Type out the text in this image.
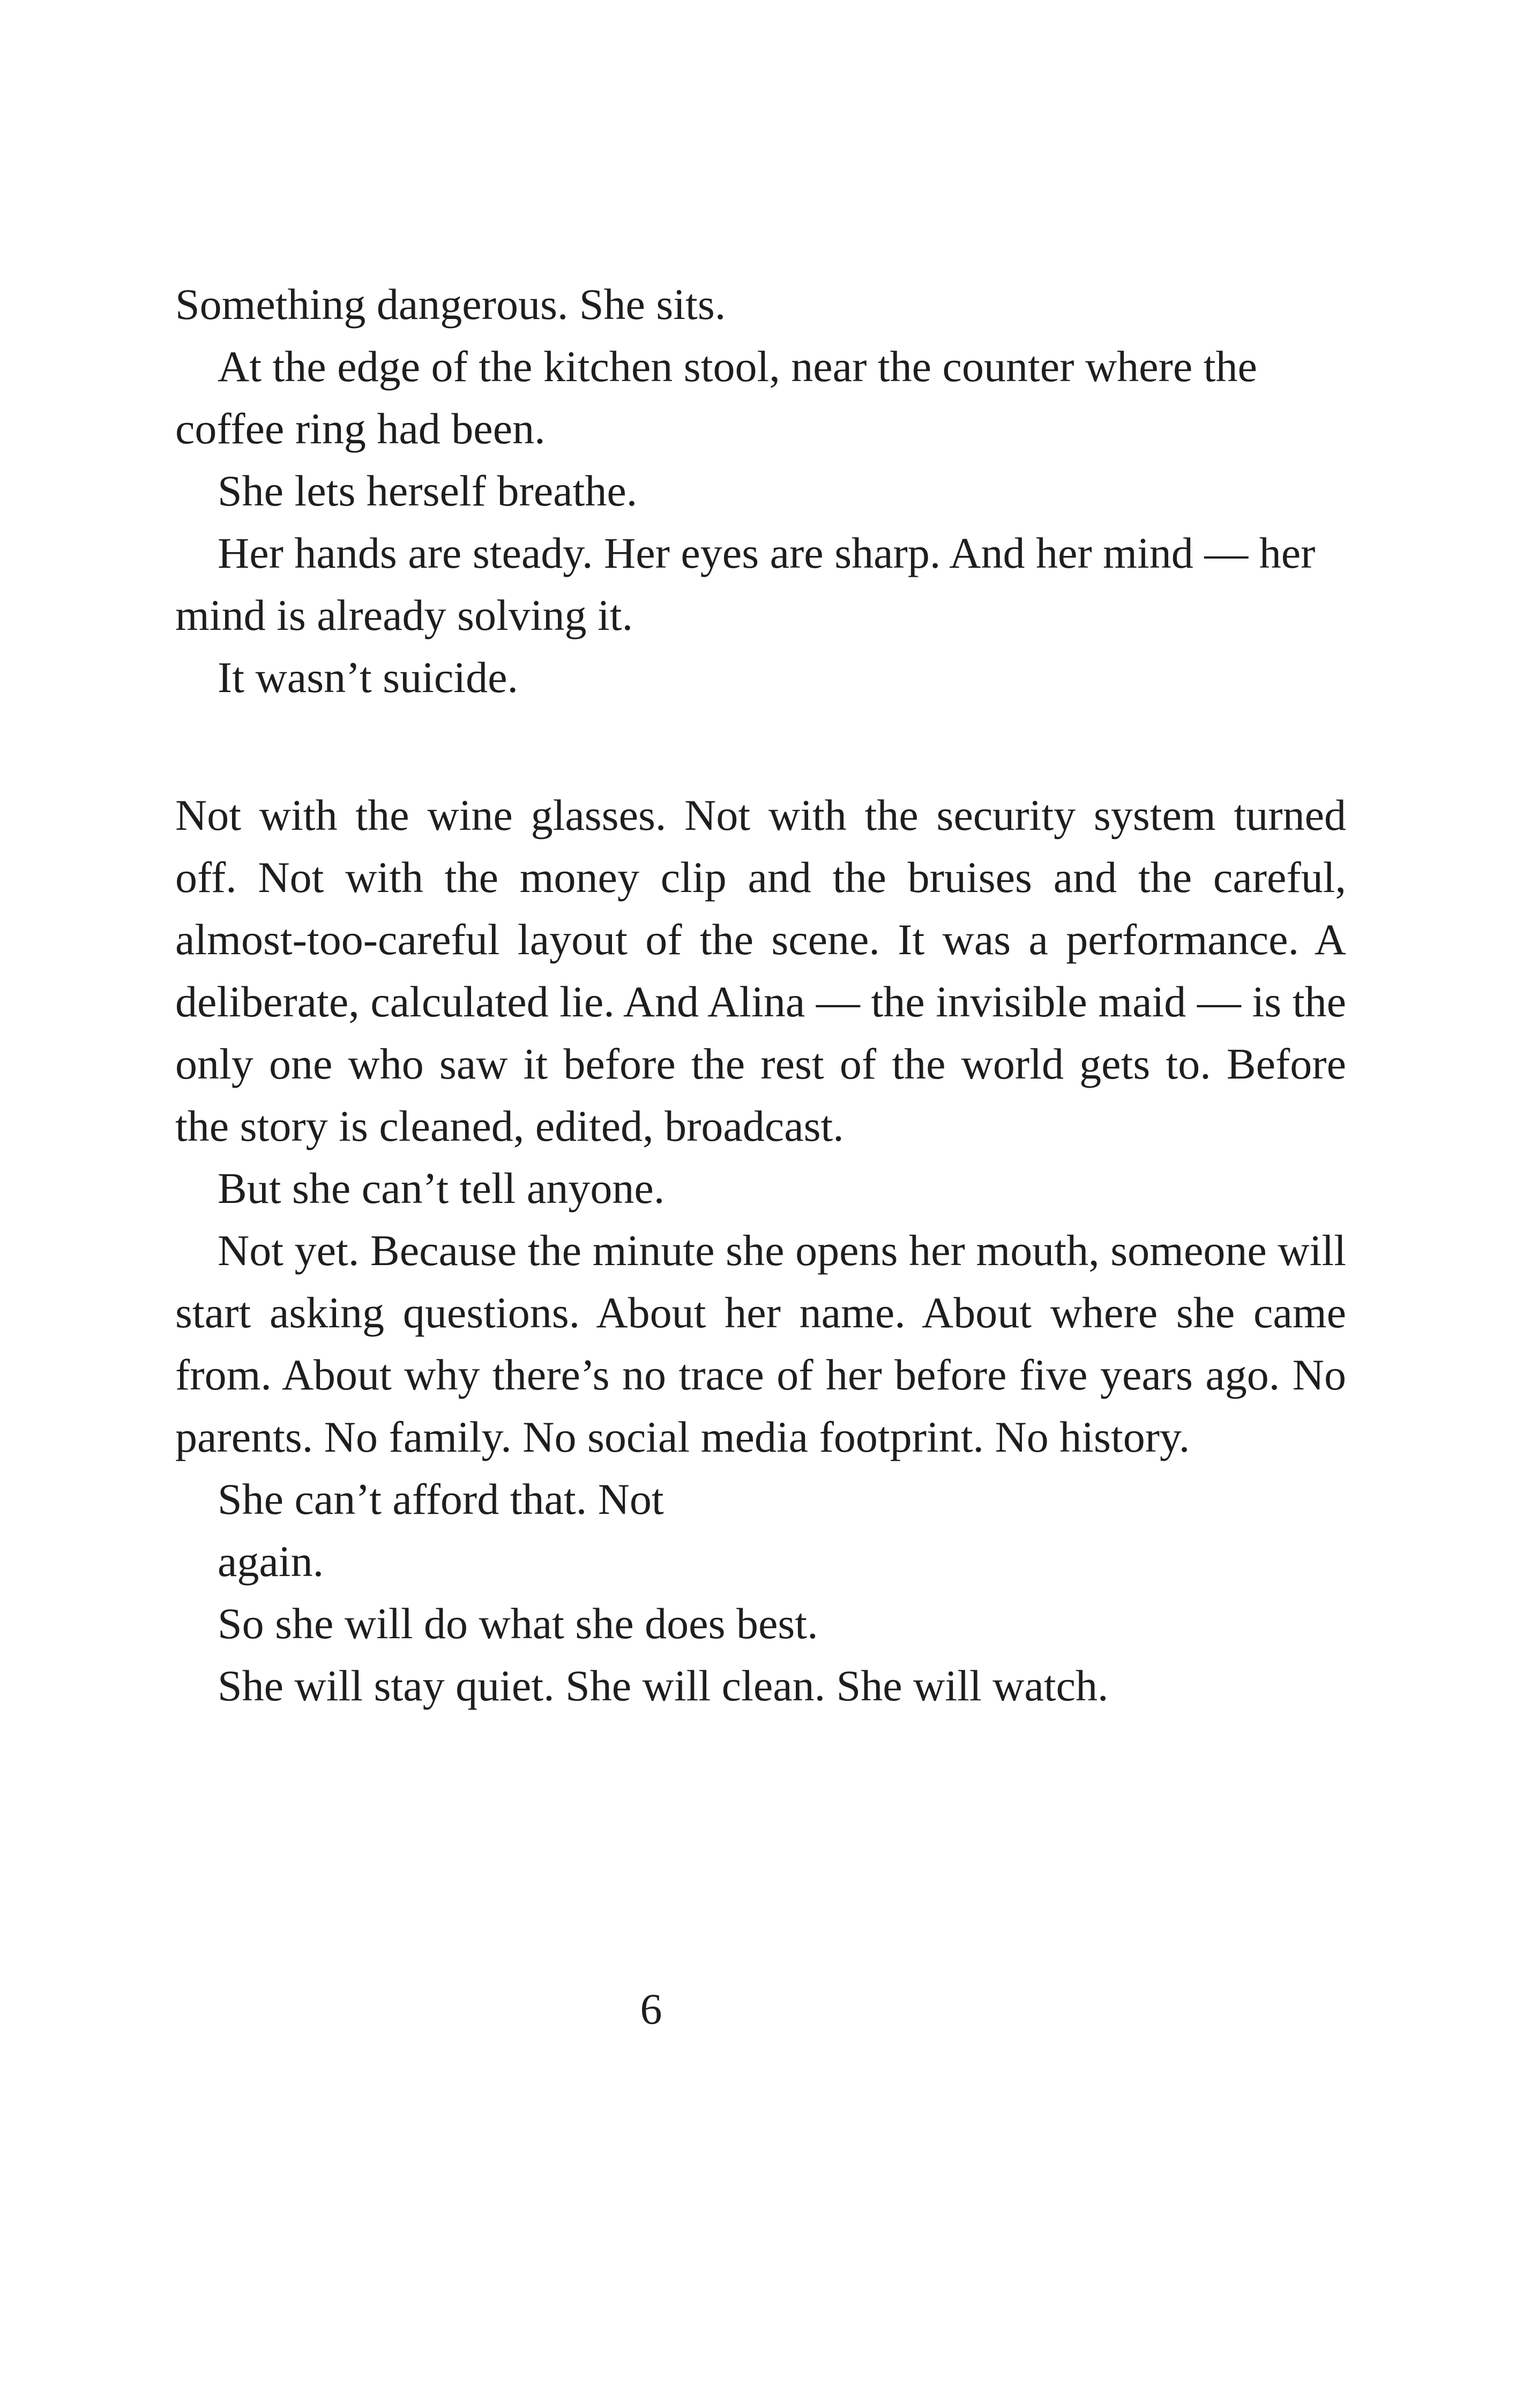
Something dangerous. She sits.

At the edge of the kitchen stool, near the counter where the coffee ring had been.

She lets herself breathe.

Her hands are steady. Her eyes are sharp. And her mind — her mind is already solving it.

It wasn’t suicide.

Not with the wine glasses. Not with the security system turned off. Not with the money clip and the bruises and the careful, almost-too-careful layout of the scene. It was a performance. A deliberate, calculated lie. And Alina — the invisible maid — is the only one who saw it before the rest of the world gets to. Before the story is cleaned, edited, broadcast.

But she can’t tell anyone.

Not yet. Because the minute she opens her mouth, someone will start asking questions. About her name. About where she came from. About why there’s no trace of her before five years ago. No parents. No family. No social media footprint. No history.

She can’t afford that. Not

again.

So she will do what she does best.

She will stay quiet. She will clean. She will watch.

6
